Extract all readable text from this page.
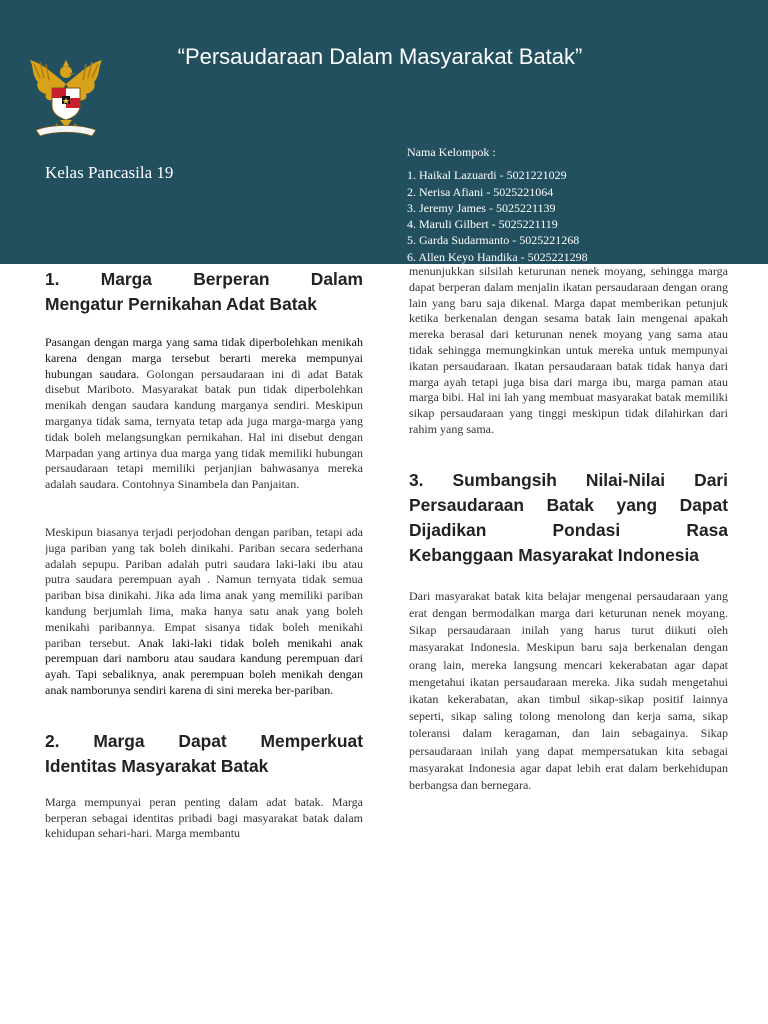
“Persaudaraan Dalam Masyarakat Batak”

Kelas Pancasila 19

Nama Kelompok :
1. Haikal Lazuardi - 5021221029
2. Nerisa Afiani - 5025221064
3. Jeremy James - 5025221139
4. Maruli Gilbert - 5025221119
5. Garda Sudarmanto - 5025221268
6. Allen Keyo Handika - 5025221298
1. Marga Berperan Dalam
Mengatur Pernikahan Adat Batak

Pasangan dengan marga yang sama tidak diperbolehkan menikah karena dengan marga tersebut berarti mereka mempunyai hubungan saudara. Golongan persaudaraan ini di adat Batak disebut Mariboto. Masyarakat batak pun tidak diperbolehkan menikah dengan saudara kandung marganya sendiri. Meskipun marganya tidak sama, ternyata tetap ada juga marga-marga yang tidak boleh melangsungkan pernikahan. Hal ini disebut dengan Marpadan yang artinya dua marga yang tidak memiliki hubungan persaudaraan tetapi memiliki perjanjian bahwasanya mereka adalah saudara. Contohnya Sinambela dan Panjaitan.

Meskipun biasanya terjadi perjodohan dengan pariban, tetapi ada juga pariban yang tak boleh dinikahi. Pariban secara sederhana adalah sepupu. Pariban adalah putri saudara laki-laki ibu atau putra saudara perempuan ayah . Namun ternyata tidak semua pariban bisa dinikahi. Jika ada lima anak yang memiliki pariban kandung berjumlah lima, maka hanya satu anak yang boleh menikahi paribannya. Empat sisanya tidak boleh menikahi pariban tersebut. Anak laki-laki tidak boleh menikahi anak perempuan dari namboru atau saudara kandung perempuan dari ayah. Tapi sebaliknya, anak perempuan boleh menikah dengan anak namborunya sendiri karena di sini mereka ber-pariban.

2. Marga Dapat Memperkuat
Identitas Masyarakat Batak

Marga mempunyai peran penting dalam adat batak. Marga berperan sebagai identitas pribadi bagi masyarakat batak dalam kehidupan sehari-hari. Marga membantu

menunjukkan silsilah keturunan nenek moyang, sehingga marga dapat berperan dalam menjalin ikatan persaudaraan dengan orang lain yang baru saja dikenal. Marga dapat memberikan petunjuk ketika berkenalan dengan sesama batak lain mengenai apakah mereka berasal dari keturunan nenek moyang yang sama atau tidak sehingga memungkinkan untuk mereka untuk mempunyai ikatan persaudaraan. Ikatan persaudaraan batak tidak hanya dari marga ayah tetapi juga bisa dari marga ibu, marga paman atau marga bibi. Hal ini lah yang membuat masyarakat batak memiliki sikap persaudaraan yang tinggi meskipun tidak dilahirkan dari rahim yang sama.

3. Sumbangsih Nilai-Nilai Dari
Persaudaraan Batak yang Dapat
Dijadikan Pondasi Rasa
Kebanggaan Masyarakat Indonesia

Dari masyarakat batak kita belajar mengenai persaudaraan yang erat dengan bermodalkan marga dari keturunan nenek moyang. Sikap persaudaraan inilah yang harus turut diikuti oleh masyarakat Indonesia. Meskipun baru saja berkenalan dengan orang lain, mereka langsung mencari kekerabatan agar dapat mengetahui ikatan persaudaraan mereka. Jika sudah mengetahui ikatan kekerabatan, akan timbul sikap-sikap positif lainnya seperti, sikap saling tolong menolong dan kerja sama, sikap toleransi dalam keragaman, dan lain sebagainya. Sikap persaudaraan inilah yang dapat mempersatukan kita sebagai masyarakat Indonesia agar dapat lebih erat dalam berkehidupan berbangsa dan bernegara.
